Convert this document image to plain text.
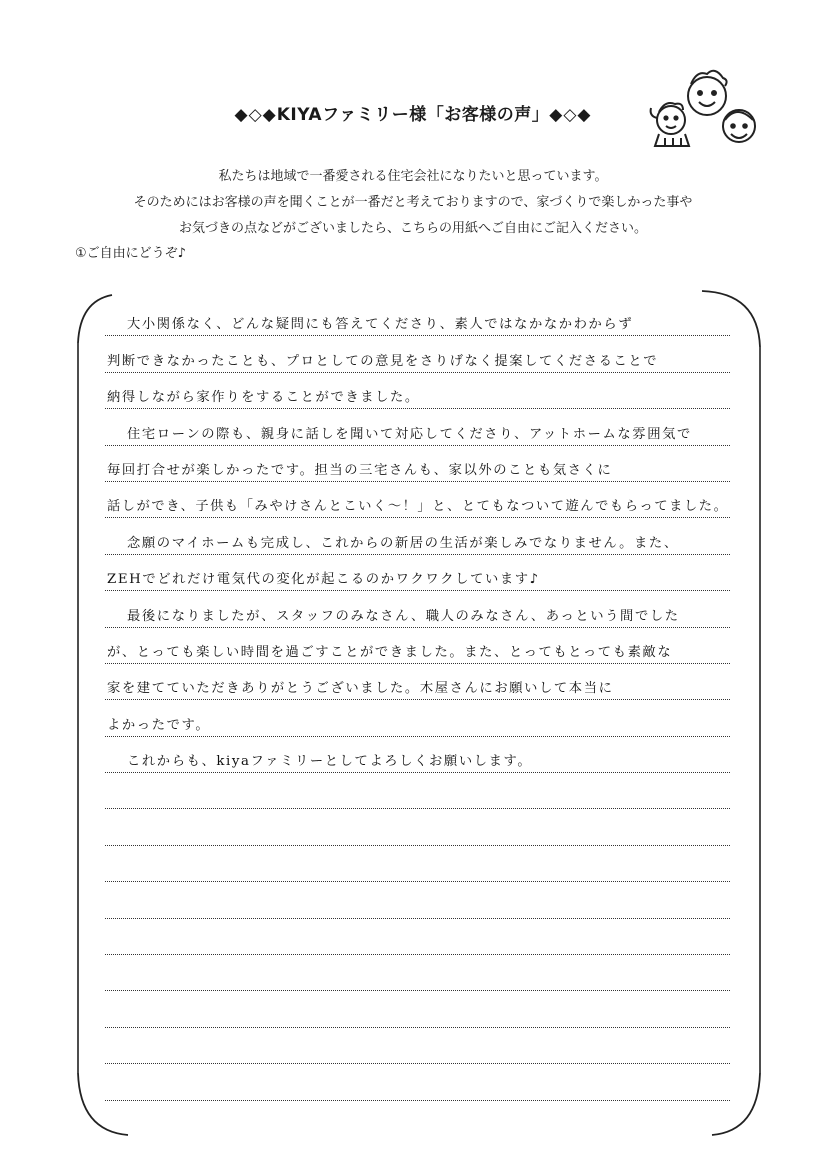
◆◇◆KIYAファミリー様「お客様の声」◆◇◆
私たちは地域で一番愛される住宅会社になりたいと思っています。
そのためにはお客様の声を聞くことが一番だと考えておりますので、家づくりで楽しかった事や
お気づきの点などがございましたら、こちらの用紙へご自由にご記入ください。
①ご自由にどうぞ♪
大小関係なく、どんな疑問にも答えてくださり、素人ではなかなかわからず
判断できなかったことも、プロとしての意見をさりげなく提案してくださることで
納得しながら家作りをすることができました。
住宅ローンの際も、親身に話しを聞いて対応してくださり、アットホームな雰囲気で
毎回打合せが楽しかったです。担当の三宅さんも、家以外のことも気さくに
話しができ、子供も「みやけさんとこいく〜！」と、とてもなついて遊んでもらってました。
念願のマイホームも完成し、これからの新居の生活が楽しみでなりません。また、
ZEHでどれだけ電気代の変化が起こるのかワクワクしています♪
最後になりましたが、スタッフのみなさん、職人のみなさん、あっという間でした
が、とっても楽しい時間を過ごすことができました。また、とってもとっても素敵な
家を建てていただきありがとうございました。木屋さんにお願いして本当に
よかったです。
これからも、kiyaファミリーとしてよろしくお願いします。
